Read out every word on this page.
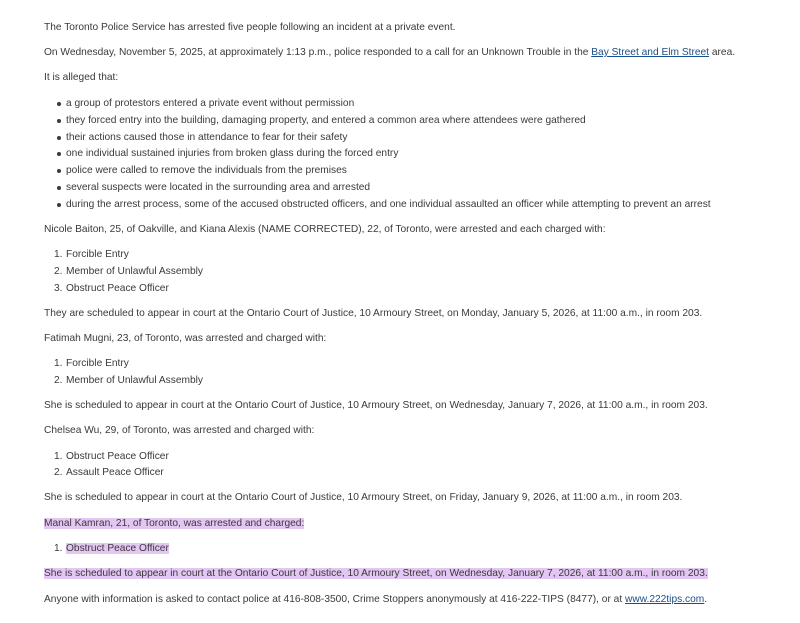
The Toronto Police Service has arrested five people following an incident at a private event.
On Wednesday, November 5, 2025, at approximately 1:13 p.m., police responded to a call for an Unknown Trouble in the Bay Street and Elm Street area.
It is alleged that:
a group of protestors entered a private event without permission
they forced entry into the building, damaging property, and entered a common area where attendees were gathered
their actions caused those in attendance to fear for their safety
one individual sustained injuries from broken glass during the forced entry
police were called to remove the individuals from the premises
several suspects were located in the surrounding area and arrested
during the arrest process, some of the accused obstructed officers, and one individual assaulted an officer while attempting to prevent an arrest
Nicole Baiton, 25, of Oakville, and Kiana Alexis (NAME CORRECTED), 22, of Toronto, were arrested and each charged with:
1. Forcible Entry
2. Member of Unlawful Assembly
3. Obstruct Peace Officer
They are scheduled to appear in court at the Ontario Court of Justice, 10 Armoury Street, on Monday, January 5, 2026, at 11:00 a.m., in room 203.
Fatimah Mugni, 23, of Toronto, was arrested and charged with:
1. Forcible Entry
2. Member of Unlawful Assembly
She is scheduled to appear in court at the Ontario Court of Justice, 10 Armoury Street, on Wednesday, January 7, 2026, at 11:00 a.m., in room 203.
Chelsea Wu, 29, of Toronto, was arrested and charged with:
1. Obstruct Peace Officer
2. Assault Peace Officer
She is scheduled to appear in court at the Ontario Court of Justice, 10 Armoury Street, on Friday, January 9, 2026, at 11:00 a.m., in room 203.
Manal Kamran, 21, of Toronto, was arrested and charged:
1. Obstruct Peace Officer
She is scheduled to appear in court at the Ontario Court of Justice, 10 Armoury Street, on Wednesday, January 7, 2026, at 11:00 a.m., in room 203.
Anyone with information is asked to contact police at 416-808-3500, Crime Stoppers anonymously at 416-222-TIPS (8477), or at www.222tips.com.
